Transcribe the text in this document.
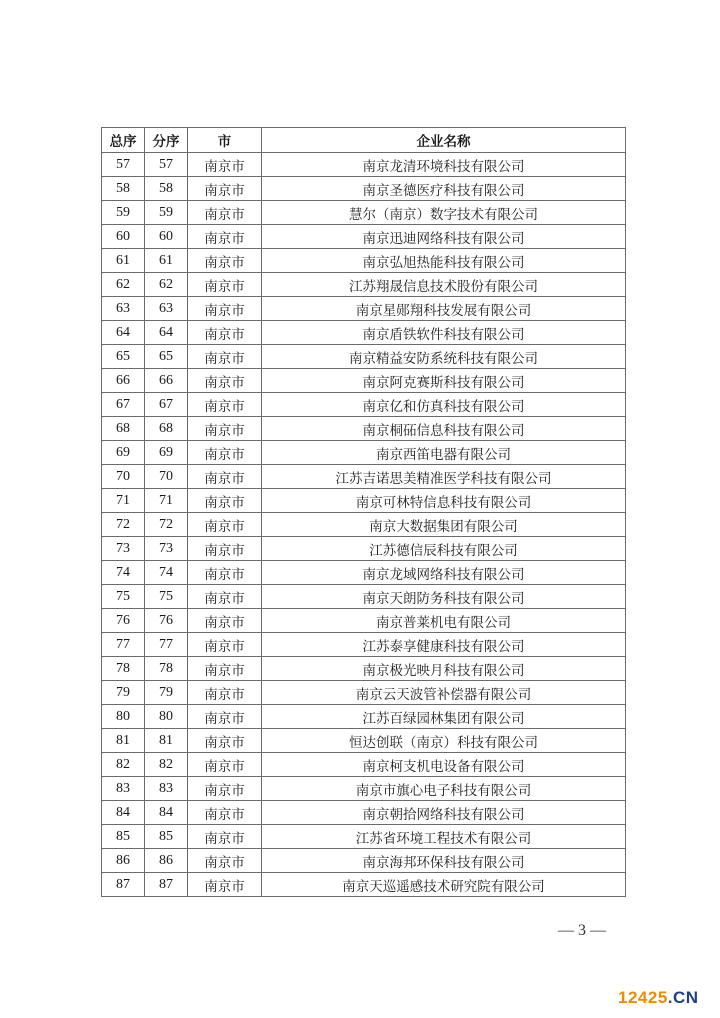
总序	分序	市	企业名称
57	57	南京市	南京龙清环境科技有限公司
58	58	南京市	南京圣德医疗科技有限公司
59	59	南京市	慧尔（南京）数字技术有限公司
60	60	南京市	南京迅迪网络科技有限公司
61	61	南京市	南京弘旭热能科技有限公司
62	62	南京市	江苏翔晟信息技术股份有限公司
63	63	南京市	南京星郧翔科技发展有限公司
64	64	南京市	南京盾铁软件科技有限公司
65	65	南京市	南京精益安防系统科技有限公司
66	66	南京市	南京阿克赛斯科技有限公司
67	67	南京市	南京亿和仿真科技有限公司
68	68	南京市	南京桐砳信息科技有限公司
69	69	南京市	南京西笛电器有限公司
70	70	南京市	江苏吉诺思美精准医学科技有限公司
71	71	南京市	南京可林特信息科技有限公司
72	72	南京市	南京大数据集团有限公司
73	73	南京市	江苏德信辰科技有限公司
74	74	南京市	南京龙域网络科技有限公司
75	75	南京市	南京天朗防务科技有限公司
76	76	南京市	南京普莱机电有限公司
77	77	南京市	江苏泰享健康科技有限公司
78	78	南京市	南京极光映月科技有限公司
79	79	南京市	南京云天波管补偿器有限公司
80	80	南京市	江苏百绿园林集团有限公司
81	81	南京市	恒达创联（南京）科技有限公司
82	82	南京市	南京柯支机电设备有限公司
83	83	南京市	南京市旗心电子科技有限公司
84	84	南京市	南京朝拾网络科技有限公司
85	85	南京市	江苏省环境工程技术有限公司
86	86	南京市	南京海邦环保科技有限公司
87	87	南京市	南京天巡遥感技术研究院有限公司
— 3 —
12425.CN
